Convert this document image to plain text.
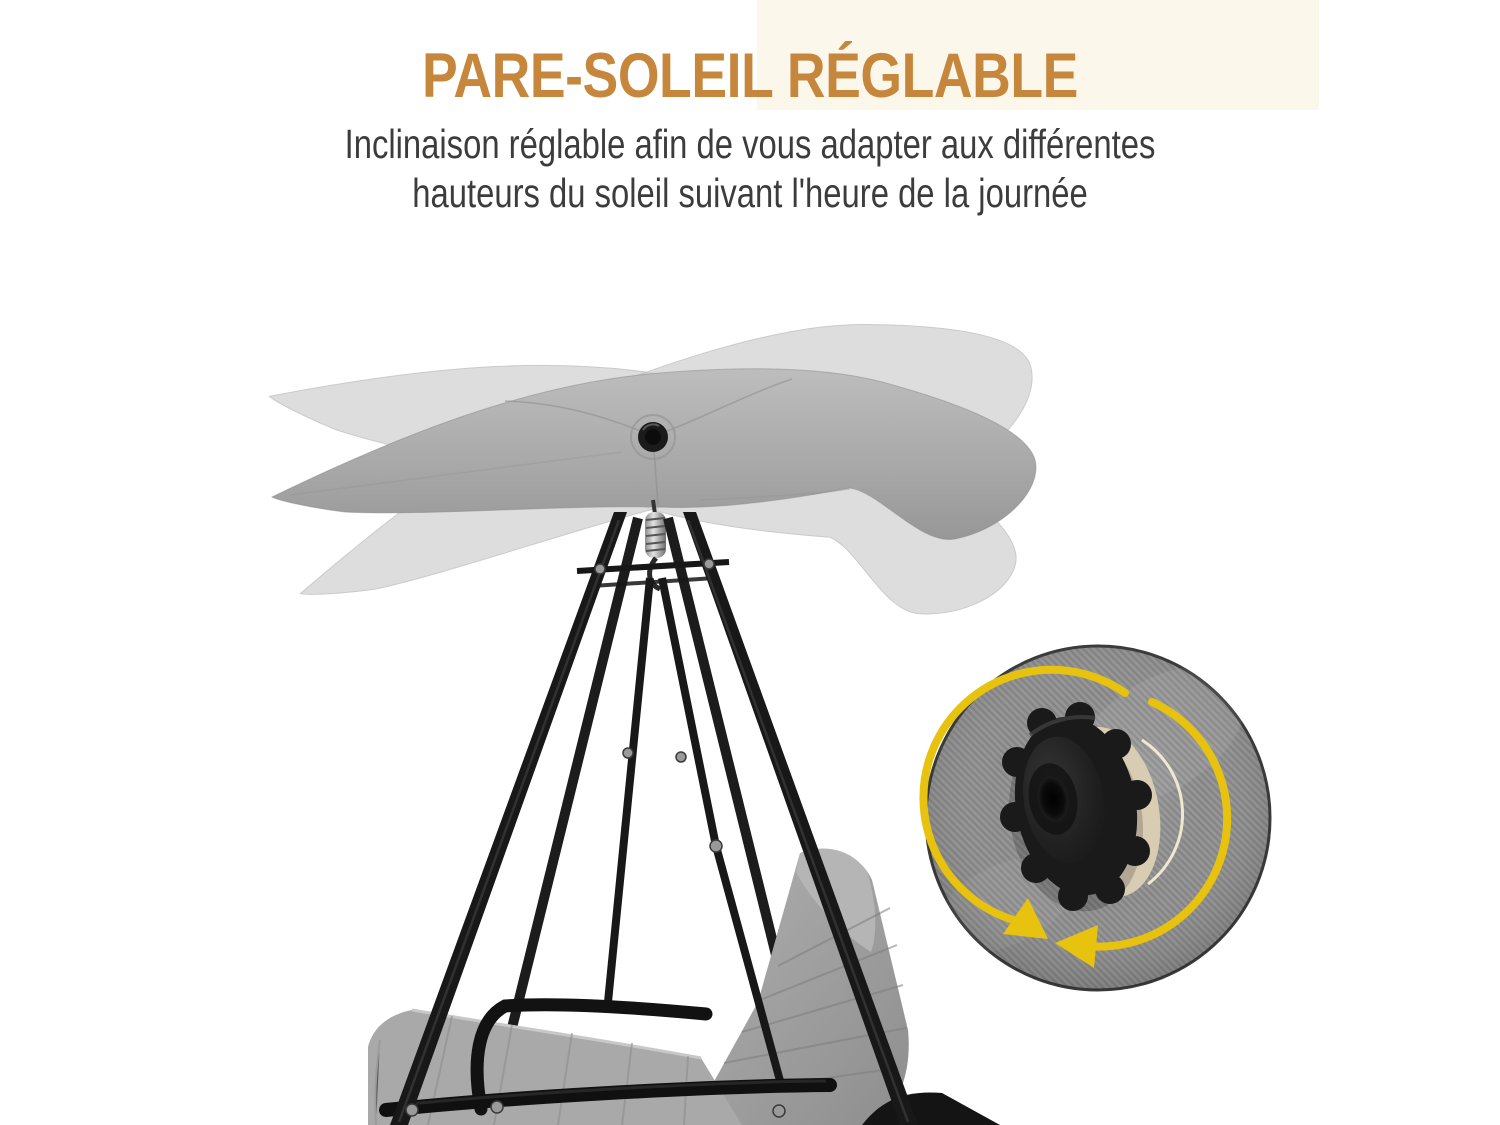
PARE-SOLEIL RÉGLABLE
Inclinaison réglable afin de vous adapter aux différentes
hauteurs du soleil suivant l'heure de la journée
